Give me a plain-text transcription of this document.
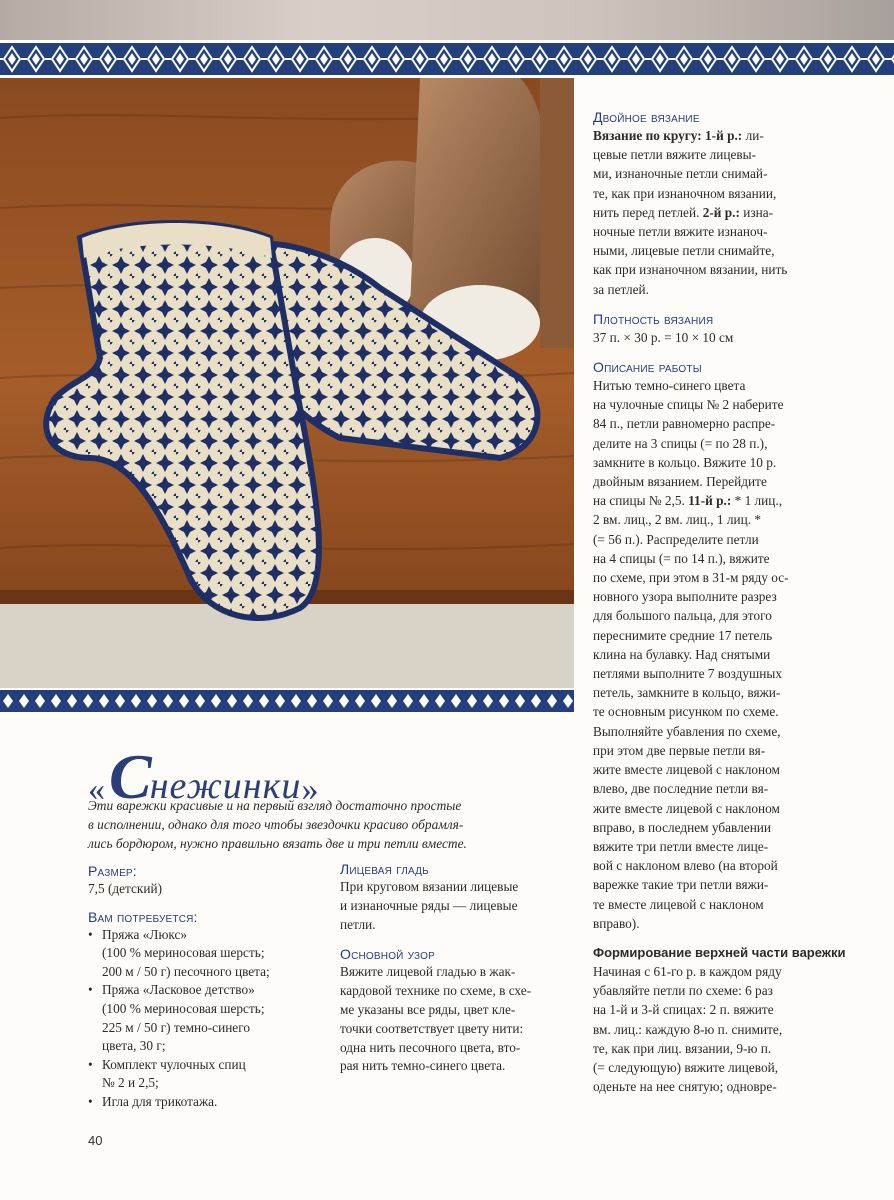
Двойное вязание

Вязание по кругу: 1-й р.: ли-
цевые петли вяжите лицевы-
ми, изнаночные петли снимай-
те, как при изнаночном вязании,
нить перед петлей. 2-й р.: изна-
ночные петли вяжите изнаноч-
ными, лицевые петли снимайте,
как при изнаночном вязании, нить
за петлей.

Плотность вязания

37 п. × 30 р. = 10 × 10 см

Описание работы

Нитью темно-синего цвета
на чулочные спицы № 2 наберите
84 п., петли равномерно распре-
делите на 3 спицы (= по 28 п.),
замкните в кольцо. Вяжите 10 р.
двойным вязанием. Перейдите
на спицы № 2,5. 11-й р.: * 1 лиц.,
2 вм. лиц., 2 вм. лиц., 1 лиц. *
(= 56 п.). Распределите петли
на 4 спицы (= по 14 п.), вяжите
по схеме, при этом в 31-м ряду ос-
новного узора выполните разрез
для большого пальца, для этого
переснимите средние 17 петель
клина на булавку. Над снятыми
петлями выполните 7 воздушных
петель, замкните в кольцо, вяжи-
те основным рисунком по схеме.
Выполняйте убавления по схеме,
при этом две первые петли вя-
жите вместе лицевой с наклоном
влево, две последние петли вя-
жите вместе лицевой с наклоном
вправо, в последнем убавлении
вяжите три петли вместе лице-
вой с наклоном влево (на второй
варежке такие три петли вяжи-
те вместе лицевой с наклоном
вправо).

Формирование верхней части варежки

Начиная с 61-го р. в каждом ряду
убавляйте петли по схеме: 6 раз
на 1-й и 3-й спицах: 2 п. вяжите
вм. лиц.: каждую 8-ю п. снимите,
те, как при лиц. вязании, 9-ю п.
(= следующую) вяжите лицевой,
оденьте на нее снятую; одновре-

«Снежинки»

Эти варежки красивые и на первый взгляд достаточно простые
в исполнении, однако для того чтобы звездочки красиво обрамля-
лись бордюром, нужно правильно вязать две и три петли вместе.

Размер:

7,5 (детский)

Вам потребуется:
• Пряжа «Люкс»
(100 % мериносовая шерсть;
200 м / 50 г) песочного цвета;
• Пряжа «Ласковое детство»
(100 % мериносовая шерсть;
225 м / 50 г) темно-синего
цвета, 30 г;
• Комплект чулочных спиц
№ 2 и 2,5;
• Игла для трикотажа.
Лицевая гладь

При круговом вязании лицевые
и изнаночные ряды — лицевые
петли.

Основной узор

Вяжите лицевой гладью в жак-
кардовой технике по схеме, в схе-
ме указаны все ряды, цвет кле-
точки соответствует цвету нити:
одна нить песочного цвета, вто-
рая нить темно-синего цвета.

40
